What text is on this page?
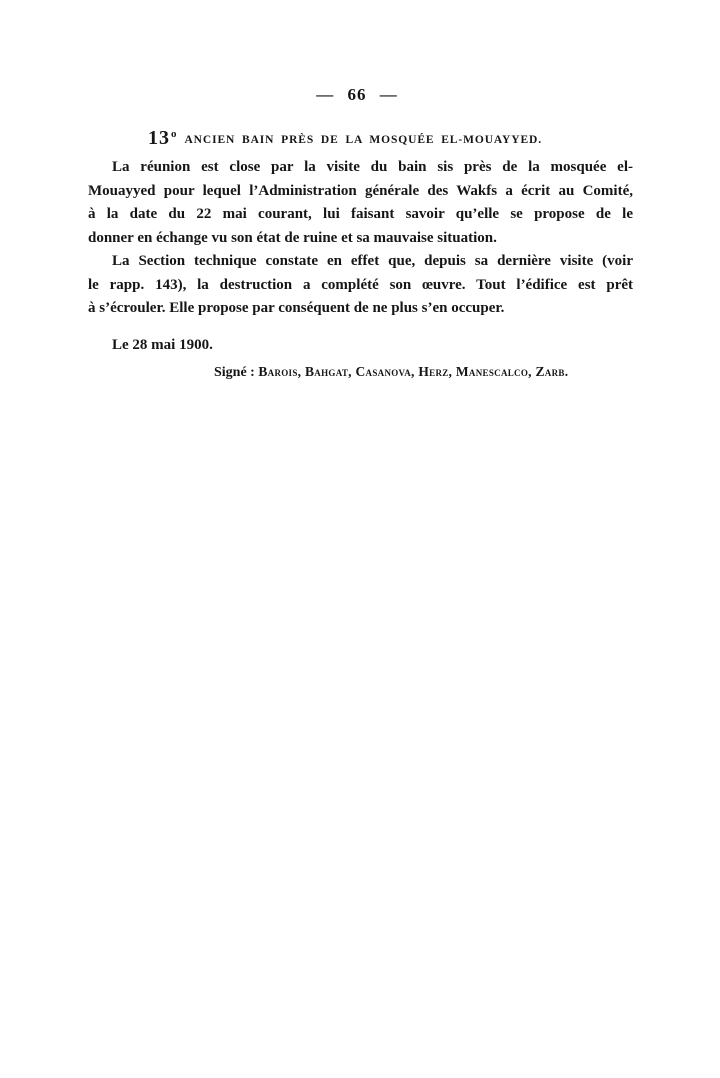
— 66 —
13$^o$ANCIEN BAIN PRÈS DE LA MOSQUÉE EL-MOUAYYED.
La réunion est close par la visite du bain sis près de la mosquée el-
Mouayyed pour lequel l’Administration générale des Wakfs a écrit au Comité,
à la date du 22 mai courant, lui faisant savoir qu’elle se propose de le
donner en échange vu son état de ruine et sa mauvaise situation.
La Section technique constate en effet que, depuis sa dernière visite (voir
le rapp. 143), la destruction a complété son œuvre. Tout l’édifice est prêt
à s’écrouler. Elle propose par conséquent de ne plus s’en occuper.
Le 28 mai 1900.
Signé : Barois, Bahgat, Casanova, Herz, Manescalco, Zarb.
